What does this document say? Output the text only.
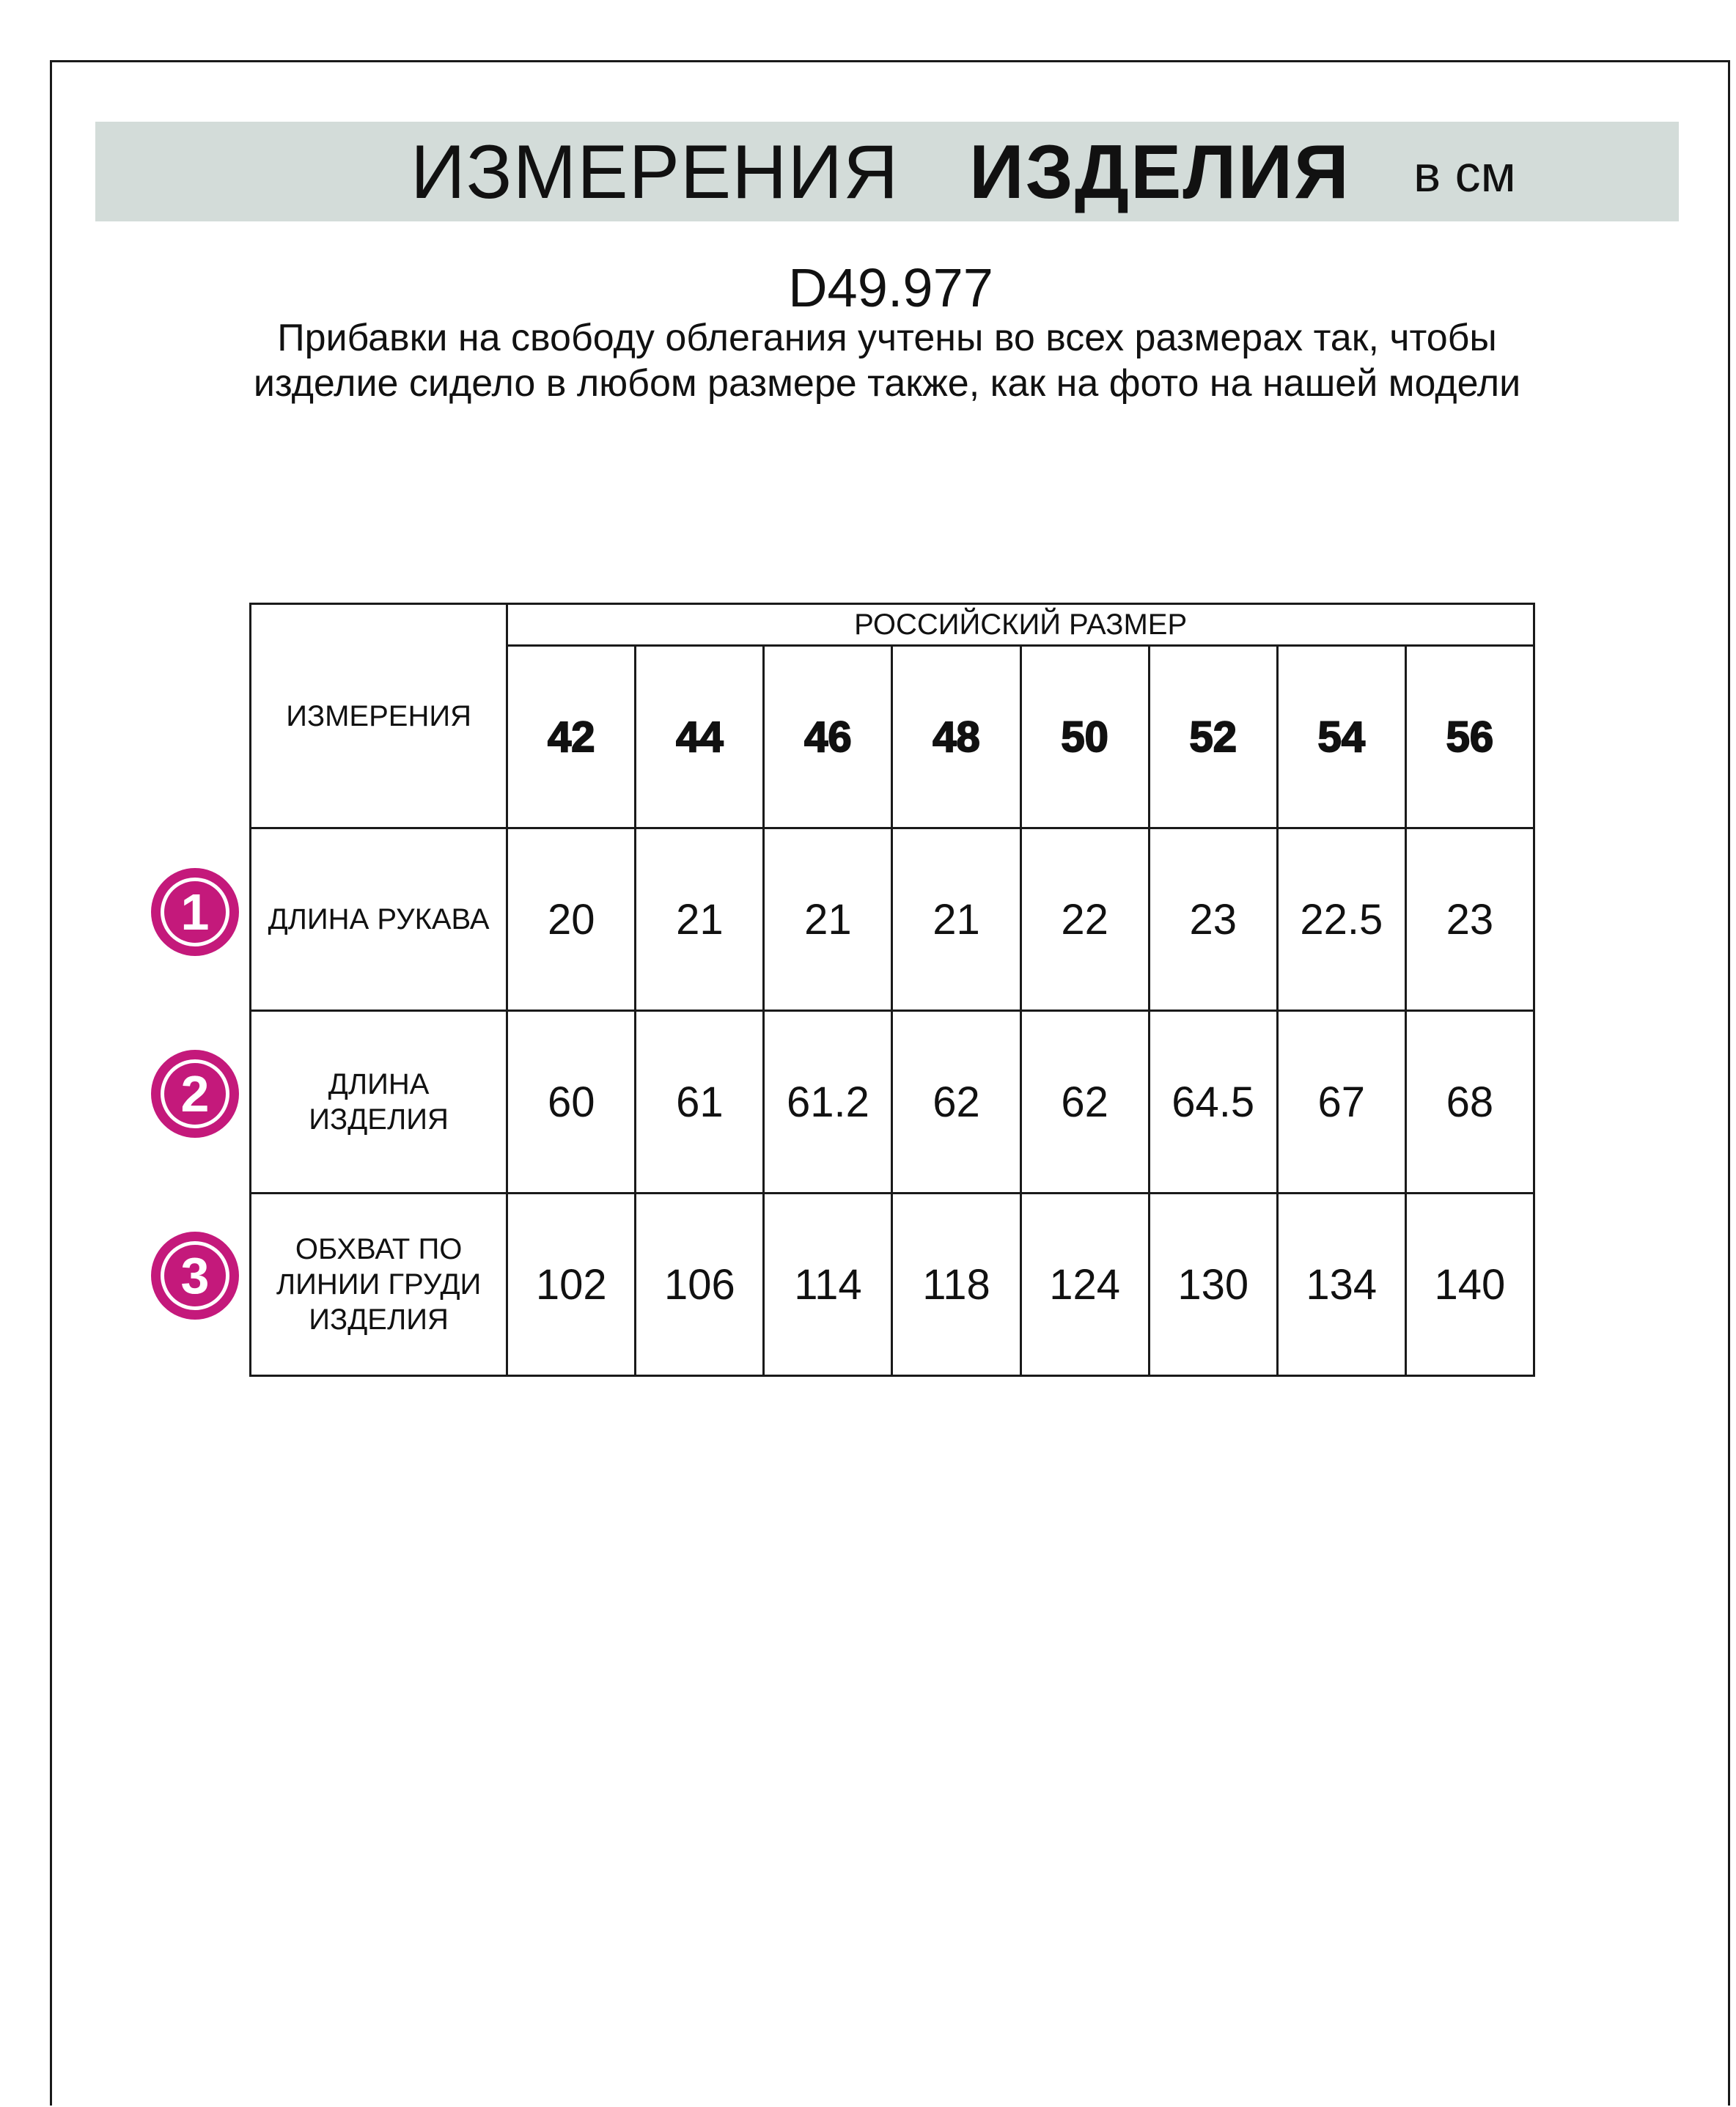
ИЗМЕРЕНИЯ ИЗДЕЛИЯ в см
D49.977
Прибавки на свободу облегания учтены во всех размерах так, чтобы изделие сидело в любом размере также, как на фото на нашей модели
ИЗМЕРЕНИЯ	РОССИЙСКИЙ РАЗМЕР							
	42	44	46	48	50	52	54	56
ДЛИНА РУКАВА	20	21	21	21	22	23	22.5	23
ДЛИНА ИЗДЕЛИЯ	60	61	61.2	62	62	64.5	67	68
ОБХВАТ ПО ЛИНИИ ГРУДИ ИЗДЕЛИЯ	102	106	114	118	124	130	134	140
1
2
3
